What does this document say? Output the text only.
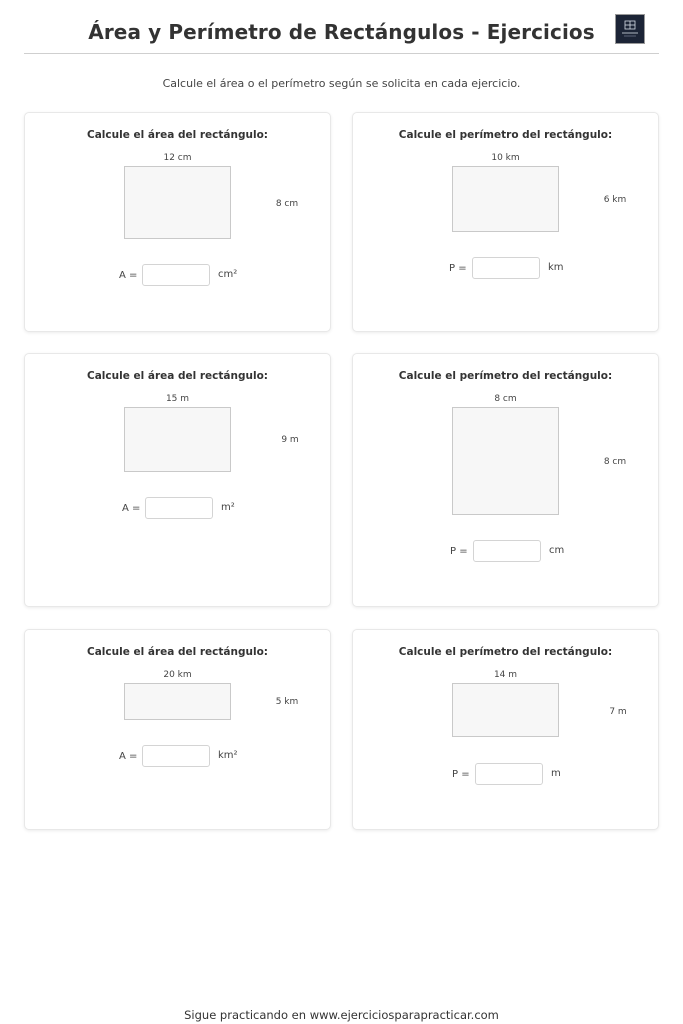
Área y Perímetro de Rectángulos - Ejercicios
Calcule el área o el perímetro según se solicita en cada ejercicio.
Calcule el área del rectángulo:
12 cm
8 cm
A =	cm²
Calcule el perímetro del rectángulo:
10 km
6 km
P =	km
Calcule el área del rectángulo:
15 m
9 m
A =	m²
Calcule el perímetro del rectángulo:
8 cm
8 cm
P =	cm
Calcule el área del rectángulo:
20 km
5 km
A =	km²
Calcule el perímetro del rectángulo:
14 m
7 m
P =	m
Sigue practicando en www.ejerciciosparapracticar.com
